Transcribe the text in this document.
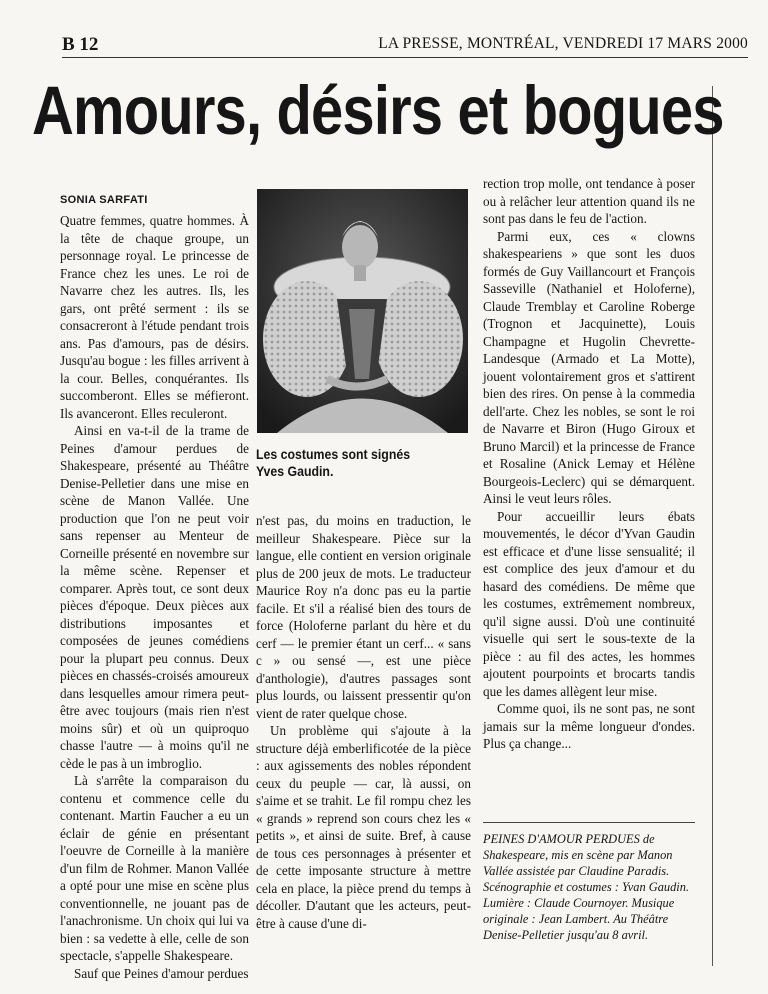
B 12	LA PRESSE, MONTRÉAL, VENDREDI 17 MARS 2000
Amours, désirs et bogues
SONIA SARFATI

Quatre femmes, quatre hommes. À la tête de chaque groupe, un personnage royal. Le princesse de France chez les unes. Le roi de Navarre chez les autres. Ils, les gars, ont prêté serment : ils se consacreront à l'étude pendant trois ans. Pas d'amours, pas de désirs. Jusqu'au bogue : les filles arrivent à la cour. Belles, conquérantes. Ils succomberont. Elles se méfieront. Ils avanceront. Elles reculeront.

Ainsi en va-t-il de la trame de Peines d'amour perdues de Shakespeare, présenté au Théâtre Denise-Pelletier dans une mise en scène de Manon Vallée. Une production que l'on ne peut voir sans repenser au Menteur de Corneille présenté en novembre sur la même scène. Repenser et comparer. Après tout, ce sont deux pièces d'époque. Deux pièces aux distributions imposantes et composées de jeunes comédiens pour la plupart peu connus. Deux pièces en chassés-croisés amoureux dans lesquelles amour rimera peut-être avec toujours (mais rien n'est moins sûr) et où un quiproquo chasse l'autre — à moins qu'il ne cède le pas à un imbroglio.

Là s'arrête la comparaison du contenu et commence celle du contenant. Martin Faucher a eu un éclair de génie en présentant l'oeuvre de Corneille à la manière d'un film de Rohmer. Manon Vallée a opté pour une mise en scène plus conventionnelle, ne jouant pas de l'anachronisme. Un choix qui lui va bien : sa vedette à elle, celle de son spectacle, s'appelle Shakespeare.

Sauf que Peines d'amour perdues

Les costumes sont signés Yves Gaudin.

n'est pas, du moins en traduction, le meilleur Shakespeare. Pièce sur la langue, elle contient en version originale plus de 200 jeux de mots. Le traducteur Maurice Roy n'a donc pas eu la partie facile. Et s'il a réalisé bien des tours de force (Holoferne parlant du hère et du cerf — le premier étant un cerf... « sans c » ou sensé —, est une pièce d'anthologie), d'autres passages sont plus lourds, ou laissent pressentir qu'on vient de rater quelque chose.

Un problème qui s'ajoute à la structure déjà emberlificotée de la pièce : aux agissements des nobles répondent ceux du peuple — car, là aussi, on s'aime et se trahit. Le fil rompu chez les « grands » reprend son cours chez les « petits », et ainsi de suite. Bref, à cause de tous ces personnages à présenter et de cette imposante structure à mettre cela en place, la pièce prend du temps à décoller. D'autant que les acteurs, peut-être à cause d'une di-

rection trop molle, ont tendance à poser ou à relâcher leur attention quand ils ne sont pas dans le feu de l'action.

Parmi eux, ces « clowns shakespeariens » que sont les duos formés de Guy Vaillancourt et François Sasseville (Nathaniel et Holoferne), Claude Tremblay et Caroline Roberge (Trognon et Jacquinette), Louis Champagne et Hugolin Chevrette-Landesque (Armado et La Motte), jouent volontairement gros et s'attirent bien des rires. On pense à la commedia dell'arte. Chez les nobles, se sont le roi de Navarre et Biron (Hugo Giroux et Bruno Marcil) et la princesse de France et Rosaline (Anick Lemay et Hélène Bourgeois-Leclerc) qui se démarquent. Ainsi le veut leurs rôles.

Pour accueillir leurs ébats mouvementés, le décor d'Yvan Gaudin est efficace et d'une lisse sensualité; il est complice des jeux d'amour et du hasard des comédiens. De même que les costumes, extrêmement nombreux, qu'il signe aussi. D'où une continuité visuelle qui sert le sous-texte de la pièce : au fil des actes, les hommes ajoutent pourpoints et brocarts tandis que les dames allègent leur mise.

Comme quoi, ils ne sont pas, ne sont jamais sur la même longueur d'ondes. Plus ça change...

PEINES D'AMOUR PERDUES de Shakespeare, mis en scène par Manon Vallée assistée par Claudine Paradis. Scénographie et costumes : Yvan Gaudin. Lumière : Claude Cournoyer. Musique originale : Jean Lambert. Au Théâtre Denise-Pelletier jusqu'au 8 avril.
